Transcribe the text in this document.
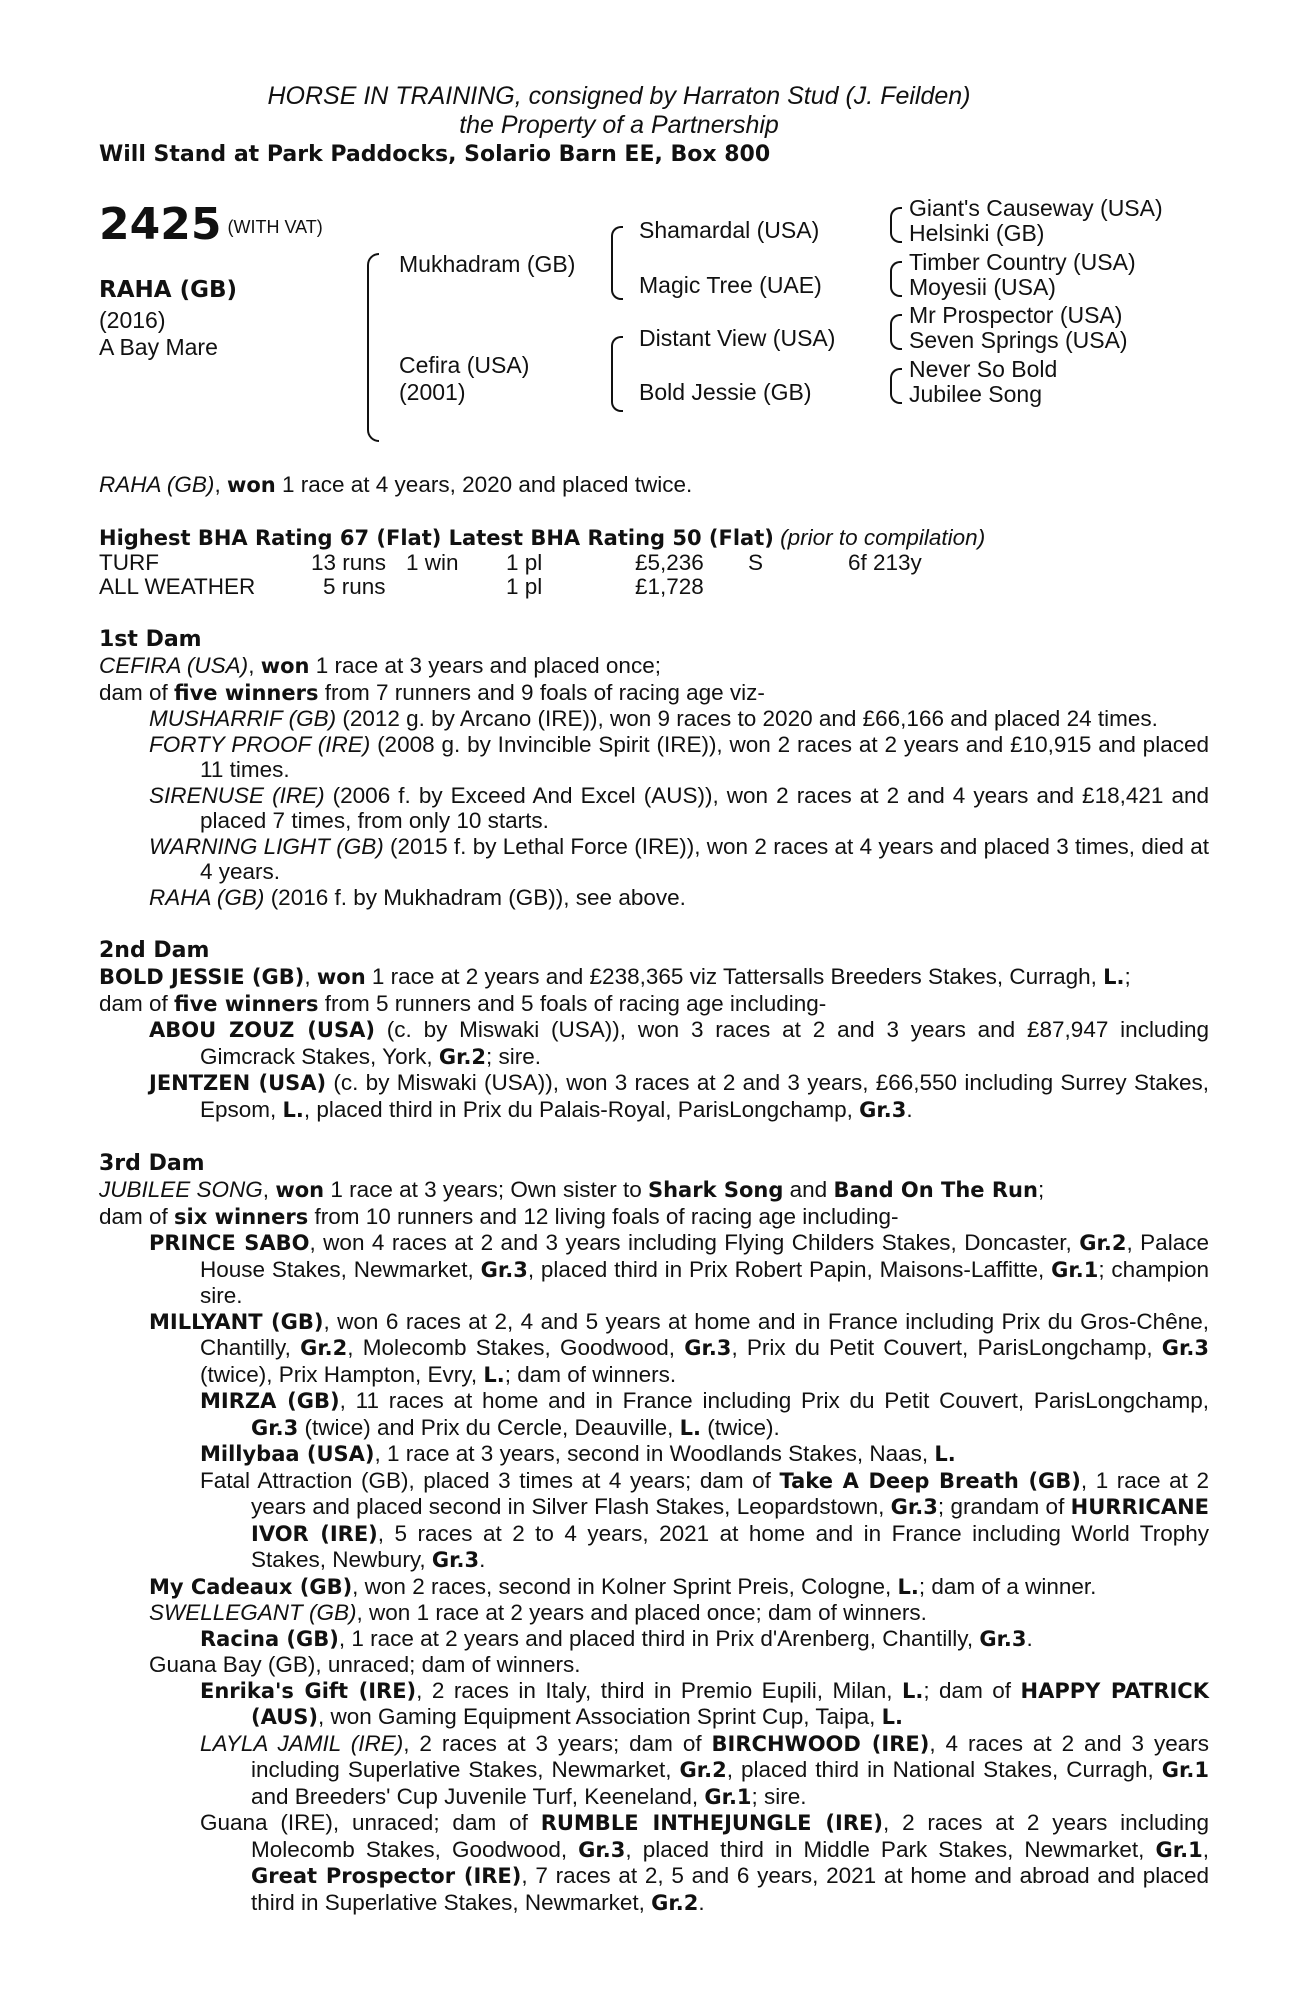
HORSE IN TRAINING, consigned by Harraton Stud (J. Feilden)
the Property of a Partnership
Will Stand at Park Paddocks, Solario Barn EE, Box 800
2425 $^{(WITH VAT)}$
RAHA (GB)
(2016)
A Bay Mare
Mukhadram (GB)
Cefira (USA)
(2001)
Shamardal (USA)
Magic Tree (UAE)
Distant View (USA)
Bold Jessie (GB)
Giant's Causeway (USA)
Helsinki (GB)
Timber Country (USA)
Moyesii (USA)
Mr Prospector (USA)
Seven Springs (USA)
Never So Bold
Jubilee Song

RAHA (GB), won 1 race at 4 years, 2020 and placed twice.

Highest BHA Rating 67 (Flat) Latest BHA Rating 50 (Flat) (prior to compilation)
TURF	13 runs	1 win	1 pl	£5,236	S	6f 213y
ALL WEATHER	5 runs		1 pl	£1,728		
1st Dam

CEFIRA (USA), won 1 race at 3 years and placed once;

dam of five winners from 7 runners and 9 foals of racing age viz-

MUSHARRIF (GB) (2012 g. by Arcano (IRE)), won 9 races to 2020 and £66,166 and placed 24 times.

FORTY PROOF (IRE) (2008 g. by Invincible Spirit (IRE)), won 2 races at 2 years and £10,915 and placed 11 times.

SIRENUSE (IRE) (2006 f. by Exceed And Excel (AUS)), won 2 races at 2 and 4 years and £18,421 and placed 7 times, from only 10 starts.

WARNING LIGHT (GB) (2015 f. by Lethal Force (IRE)), won 2 races at 4 years and placed 3 times, died at 4 years.

RAHA (GB) (2016 f. by Mukhadram (GB)), see above.

2nd Dam

BOLD JESSIE (GB), won 1 race at 2 years and £238,365 viz Tattersalls Breeders Stakes, Curragh, L.;

dam of five winners from 5 runners and 5 foals of racing age including-

ABOU ZOUZ (USA) (c. by Miswaki (USA)), won 3 races at 2 and 3 years and £87,947 including Gimcrack Stakes, York, Gr.2; sire.

JENTZEN (USA) (c. by Miswaki (USA)), won 3 races at 2 and 3 years, £66,550 including Surrey Stakes, Epsom, L., placed third in Prix du Palais-Royal, ParisLongchamp, Gr.3.

3rd Dam

JUBILEE SONG, won 1 race at 3 years; Own sister to Shark Song and Band On The Run;

dam of six winners from 10 runners and 12 living foals of racing age including-

PRINCE SABO, won 4 races at 2 and 3 years including Flying Childers Stakes, Doncaster, Gr.2, Palace House Stakes, Newmarket, Gr.3, placed third in Prix Robert Papin, Maisons-Laffitte, Gr.1; champion sire.

MILLYANT (GB), won 6 races at 2, 4 and 5 years at home and in France including Prix du Gros-Chêne, Chantilly, Gr.2, Molecomb Stakes, Goodwood, Gr.3, Prix du Petit Couvert, ParisLongchamp, Gr.3 (twice), Prix Hampton, Evry, L.; dam of winners.

MIRZA (GB), 11 races at home and in France including Prix du Petit Couvert, ParisLongchamp, Gr.3 (twice) and Prix du Cercle, Deauville, L. (twice).

Millybaa (USA), 1 race at 3 years, second in Woodlands Stakes, Naas, L.

Fatal Attraction (GB), placed 3 times at 4 years; dam of Take A Deep Breath (GB), 1 race at 2 years and placed second in Silver Flash Stakes, Leopardstown, Gr.3; grandam of HURRICANE IVOR (IRE), 5 races at 2 to 4 years, 2021 at home and in France including World Trophy Stakes, Newbury, Gr.3.

My Cadeaux (GB), won 2 races, second in Kolner Sprint Preis, Cologne, L.; dam of a winner.

SWELLEGANT (GB), won 1 race at 2 years and placed once; dam of winners.

Racina (GB), 1 race at 2 years and placed third in Prix d'Arenberg, Chantilly, Gr.3.

Guana Bay (GB), unraced; dam of winners.

Enrika's Gift (IRE), 2 races in Italy, third in Premio Eupili, Milan, L.; dam of HAPPY PATRICK (AUS), won Gaming Equipment Association Sprint Cup, Taipa, L.

LAYLA JAMIL (IRE), 2 races at 3 years; dam of BIRCHWOOD (IRE), 4 races at 2 and 3 years including Superlative Stakes, Newmarket, Gr.2, placed third in National Stakes, Curragh, Gr.1 and Breeders' Cup Juvenile Turf, Keeneland, Gr.1; sire.

Guana (IRE), unraced; dam of RUMBLE INTHEJUNGLE (IRE), 2 races at 2 years including Molecomb Stakes, Goodwood, Gr.3, placed third in Middle Park Stakes, Newmarket, Gr.1, Great Prospector (IRE), 7 races at 2, 5 and 6 years, 2021 at home and abroad and placed third in Superlative Stakes, Newmarket, Gr.2.
